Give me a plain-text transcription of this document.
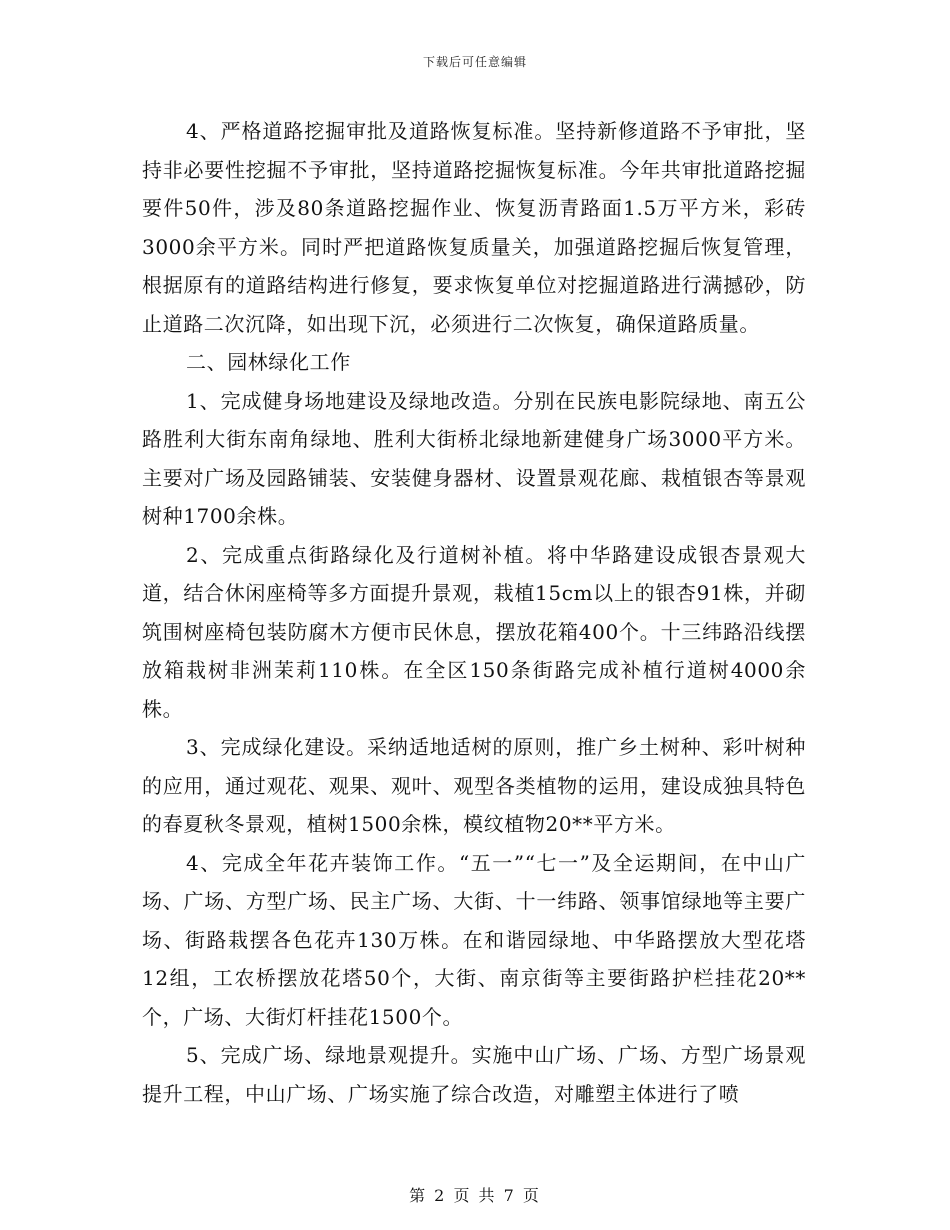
下载后可任意编辑

4、严格道路挖掘审批及道路恢复标准。坚持新修道路不予审批，坚持非必要性挖掘不予审批，坚持道路挖掘恢复标准。今年共审批道路挖掘要件50件，涉及80条道路挖掘作业、恢复沥青路面1.5万平方米，彩砖3000余平方米。同时严把道路恢复质量关，加强道路挖掘后恢复管理，根据原有的道路结构进行修复，要求恢复单位对挖掘道路进行满撼砂，防止道路二次沉降，如出现下沉，必须进行二次恢复，确保道路质量。

二、园林绿化工作

1、完成健身场地建设及绿地改造。分别在民族电影院绿地、南五公路胜利大街东南角绿地、胜利大街桥北绿地新建健身广场3000平方米。主要对广场及园路铺装、安装健身器材、设置景观花廊、栽植银杏等景观树种1700余株。

2、完成重点街路绿化及行道树补植。将中华路建设成银杏景观大道，结合休闲座椅等多方面提升景观，栽植15cm以上的银杏91株，并砌筑围树座椅包装防腐木方便市民休息，摆放花箱400个。十三纬路沿线摆放箱栽树非洲茉莉110株。在全区150条街路完成补植行道树4000余株。

3、完成绿化建设。采纳适地适树的原则，推广乡土树种、彩叶树种的应用，通过观花、观果、观叶、观型各类植物的运用，建设成独具特色的春夏秋冬景观，植树1500余株，模纹植物20**平方米。

4、完成全年花卉装饰工作。“五一”“七一”及全运期间，在中山广场、广场、方型广场、民主广场、大街、十一纬路、领事馆绿地等主要广场、街路栽摆各色花卉130万株。在和谐园绿地、中华路摆放大型花塔12组，工农桥摆放花塔50个，大街、南京街等主要街路护栏挂花20**个，广场、大街灯杆挂花1500个。

5、完成广场、绿地景观提升。实施中山广场、广场、方型广场景观提升工程，中山广场、广场实施了综合改造，对雕塑主体进行了喷

第 2 页 共 7 页
